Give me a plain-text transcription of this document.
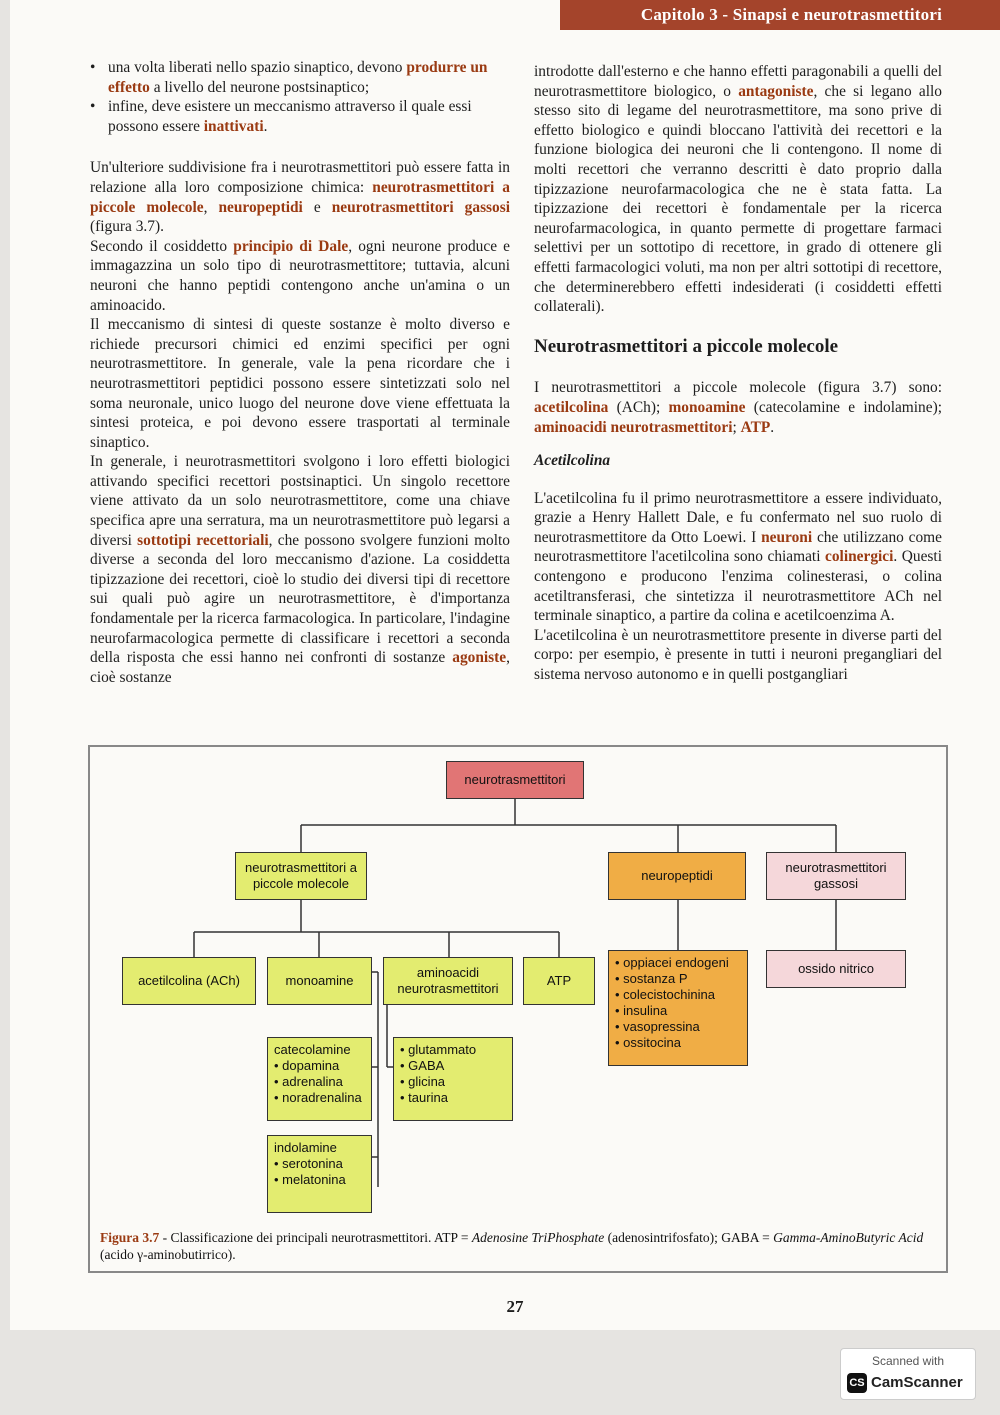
Capitolo 3 - Sinapsi e neurotrasmettitori
• una volta liberati nello spazio sinaptico, devono produrre un effetto a livello del neurone postsinaptico;
• infine, deve esistere un meccanismo attraverso il quale essi possono essere inattivati.

Un'ulteriore suddivisione fra i neurotrasmettitori può essere fatta in relazione alla loro composizione chimica: neurotrasmettitori a piccole molecole, neuropeptidi e neurotrasmettitori gassosi (figura 3.7).

Secondo il cosiddetto principio di Dale, ogni neurone produce e immagazzina un solo tipo di neurotrasmettitore; tuttavia, alcuni neuroni che hanno peptidi contengono anche un'amina o un aminoacido.

Il meccanismo di sintesi di queste sostanze è molto diverso e richiede precursori chimici ed enzimi specifici per ogni neurotrasmettitore. In generale, vale la pena ricordare che i neurotrasmettitori peptidici possono essere sintetizzati solo nel soma neuronale, unico luogo del neurone dove viene effettuata la sintesi proteica, e poi devono essere trasportati al terminale sinaptico.

In generale, i neurotrasmettitori svolgono i loro effetti biologici attivando specifici recettori postsinaptici. Un singolo recettore viene attivato da un solo neurotrasmettitore, come una chiave specifica apre una serratura, ma un neurotrasmettitore può legarsi a diversi sottotipi recettoriali, che possono svolgere funzioni molto diverse a seconda del loro meccanismo d'azione. La cosiddetta tipizzazione dei recettori, cioè lo studio dei diversi tipi di recettore sui quali può agire un neurotrasmettitore, è d'importanza fondamentale per la ricerca farmacologica. In particolare, l'indagine neurofarmacologica permette di classificare i recettori a seconda della risposta che essi hanno nei confronti di sostanze agoniste, cioè sostanze

introdotte dall'esterno e che hanno effetti paragonabili a quelli del neurotrasmettitore biologico, o antagoniste, che si legano allo stesso sito di legame del neurotrasmettitore, ma sono prive di effetto biologico e quindi bloccano l'attività dei recettori e la funzione biologica dei neuroni che li contengono. Il nome di molti recettori che verranno descritti è dato proprio dalla tipizzazione neurofarmacologica che ne è stata fatta. La tipizzazione dei recettori è fondamentale per la ricerca neurofarmacologica, in quanto permette di progettare farmaci selettivi per un sottotipo di recettore, in grado di ottenere gli effetti farmacologici voluti, ma non per altri sottotipi di recettore, che determinerebbero effetti indesiderati (i cosiddetti effetti collaterali).

Neurotrasmettitori a piccole molecole

I neurotrasmettitori a piccole molecole (figura 3.7) sono: acetilcolina (ACh); monoamine (catecolamine e indolamine); aminoacidi neurotrasmettitori; ATP.

Acetilcolina

L'acetilcolina fu il primo neurotrasmettitore a essere individuato, grazie a Henry Hallett Dale, e fu confermato nel suo ruolo di neurotrasmettitore da Otto Loewi. I neuroni che utilizzano come neurotrasmettitore l'acetilcolina sono chiamati colinergici. Questi contengono e producono l'enzima colinesterasi, o colina acetiltransferasi, che sintetizza il neurotrasmettitore ACh nel terminale sinaptico, a partire da colina e acetilcoenzima A.

L'acetilcolina è un neurotrasmettitore presente in diverse parti del corpo: per esempio, è presente in tutti i neuroni pregangliari del sistema nervoso autonomo e in quelli postgangliari

neurotrasmettitori
neurotrasmettitori a piccole molecole
neuropeptidi
neurotrasmettitori gassosi
acetilcolina (ACh)	monoamine
aminoacidi neurotrasmettitori
ATP
• oppiacei endogeni
• sostanza P
• colecistochinina
• insulina
• vasopressina
• ossitocina
ossido nitrico
catecolamine
• dopamina
• adrenalina
• noradrenalina
• glutammato
• GABA
• glicina
• taurina
indolamine
• serotonina
• melatonina
Figura 3.7 - Classificazione dei principali neurotrasmettitori. ATP = Adenosine TriPhosphate (adenosintrifosfato); GABA = Gamma-AminoButyric Acid (acido γ-aminobutirrico).
27
Scanned with
CS CamScanner
